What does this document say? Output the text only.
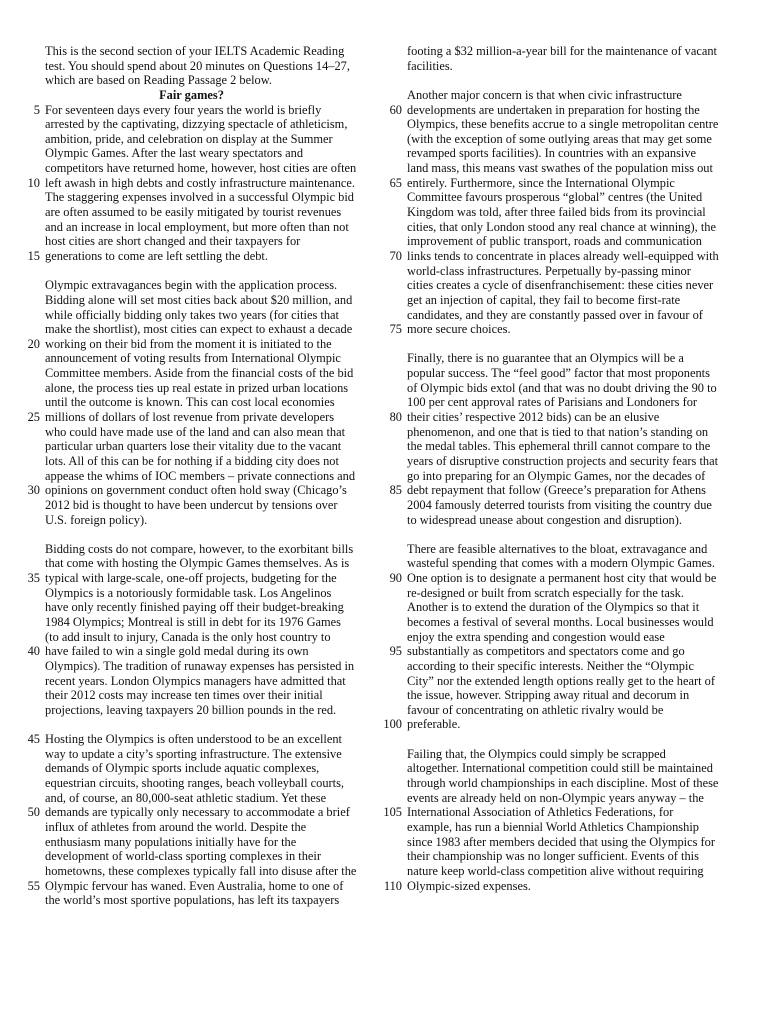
This is the second section of your IELTS Academic Reading
test. You should spend about 20 minutes on Questions 14–27,
which are based on Reading Passage 2 below.
Fair games?
5 For seventeen days every four years the world is briefly
arrested by the captivating, dizzying spectacle of athleticism,
ambition, pride, and celebration on display at the Summer
Olympic Games. After the last weary spectators and
competitors have returned home, however, host cities are often
10 left awash in high debts and costly infrastructure maintenance.
The staggering expenses involved in a successful Olympic bid
are often assumed to be easily mitigated by tourist revenues
and an increase in local employment, but more often than not
host cities are short changed and their taxpayers for
15 generations to come are left settling the debt.
Olympic extravagances begin with the application process.
Bidding alone will set most cities back about $20 million, and
while officially bidding only takes two years (for cities that
make the shortlist), most cities can expect to exhaust a decade
20 working on their bid from the moment it is initiated to the
announcement of voting results from International Olympic
Committee members. Aside from the financial costs of the bid
alone, the process ties up real estate in prized urban locations
until the outcome is known. This can cost local economies
25 millions of dollars of lost revenue from private developers
who could have made use of the land and can also mean that
particular urban quarters lose their vitality due to the vacant
lots. All of this can be for nothing if a bidding city does not
appease the whims of IOC members – private connections and
30 opinions on government conduct often hold sway (Chicago’s
2012 bid is thought to have been undercut by tensions over
U.S. foreign policy).
Bidding costs do not compare, however, to the exorbitant bills
that come with hosting the Olympic Games themselves. As is
35 typical with large-scale, one-off projects, budgeting for the
Olympics is a notoriously formidable task. Los Angelinos
have only recently finished paying off their budget-breaking
1984 Olympics; Montreal is still in debt for its 1976 Games
(to add insult to injury, Canada is the only host country to
40 have failed to win a single gold medal during its own
Olympics). The tradition of runaway expenses has persisted in
recent years. London Olympics managers have admitted that
their 2012 costs may increase ten times over their initial
projections, leaving taxpayers 20 billion pounds in the red.
45 Hosting the Olympics is often understood to be an excellent
way to update a city’s sporting infrastructure. The extensive
demands of Olympic sports include aquatic complexes,
equestrian circuits, shooting ranges, beach volleyball courts,
and, of course, an 80,000-seat athletic stadium. Yet these
50 demands are typically only necessary to accommodate a brief
influx of athletes from around the world. Despite the
enthusiasm many populations initially have for the
development of world-class sporting complexes in their
hometowns, these complexes typically fall into disuse after the
55 Olympic fervour has waned. Even Australia, home to one of
the world’s most sportive populations, has left its taxpayers
footing a $32 million-a-year bill for the maintenance of vacant
facilities.
Another major concern is that when civic infrastructure
60 developments are undertaken in preparation for hosting the
Olympics, these benefits accrue to a single metropolitan centre
(with the exception of some outlying areas that may get some
revamped sports facilities). In countries with an expansive
land mass, this means vast swathes of the population miss out
65 entirely. Furthermore, since the International Olympic
Committee favours prosperous “global” centres (the United
Kingdom was told, after three failed bids from its provincial
cities, that only London stood any real chance at winning), the
improvement of public transport, roads and communication
70 links tends to concentrate in places already well-equipped with
world-class infrastructures. Perpetually by-passing minor
cities creates a cycle of disenfranchisement: these cities never
get an injection of capital, they fail to become first-rate
candidates, and they are constantly passed over in favour of
75 more secure choices.
Finally, there is no guarantee that an Olympics will be a
popular success. The “feel good” factor that most proponents
of Olympic bids extol (and that was no doubt driving the 90 to
100 per cent approval rates of Parisians and Londoners for
80 their cities’ respective 2012 bids) can be an elusive
phenomenon, and one that is tied to that nation’s standing on
the medal tables. This ephemeral thrill cannot compare to the
years of disruptive construction projects and security fears that
go into preparing for an Olympic Games, nor the decades of
85 debt repayment that follow (Greece’s preparation for Athens
2004 famously deterred tourists from visiting the country due
to widespread unease about congestion and disruption).
There are feasible alternatives to the bloat, extravagance and
wasteful spending that comes with a modern Olympic Games.
90 One option is to designate a permanent host city that would be
re-designed or built from scratch especially for the task.
Another is to extend the duration of the Olympics so that it
becomes a festival of several months. Local businesses would
enjoy the extra spending and congestion would ease
95 substantially as competitors and spectators come and go
according to their specific interests. Neither the “Olympic
City” nor the extended length options really get to the heart of
the issue, however. Stripping away ritual and decorum in
favour of concentrating on athletic rivalry would be
100 preferable.
Failing that, the Olympics could simply be scrapped
altogether. International competition could still be maintained
through world championships in each discipline. Most of these
events are already held on non-Olympic years anyway – the
105 International Association of Athletics Federations, for
example, has run a biennial World Athletics Championship
since 1983 after members decided that using the Olympics for
their championship was no longer sufficient. Events of this
nature keep world-class competition alive without requiring
110 Olympic-sized expenses.
